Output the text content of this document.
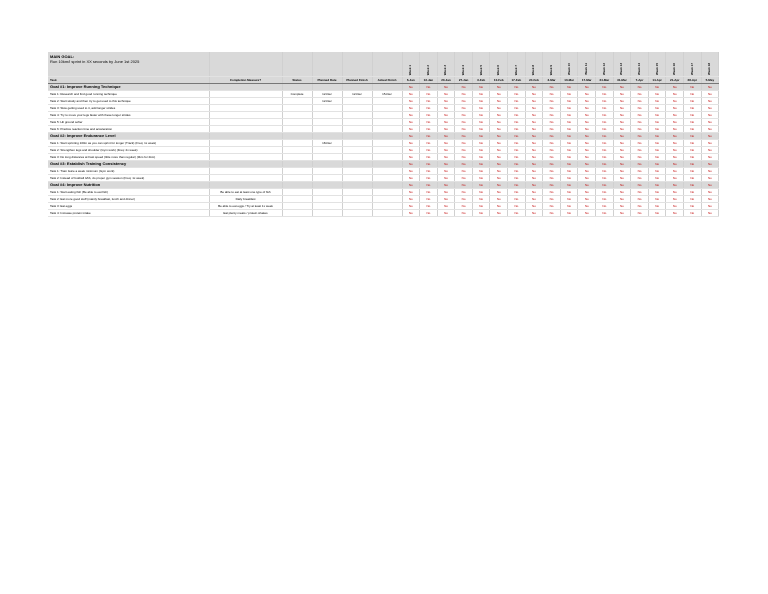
MAIN GOAL:
Run 10km/l sprint in XX seconds by June 1st 2025						Week 1	Week 2	Week 3	Week 4	Week 5	Week 6	Week 7	Week 8	Week 9	Week 10	Week 11	Week 12	Week 13	Week 14	Week 15	Week 16	Week 17	Week 18
Task	Completion Measure?	Status	Planned Date	Planned Finish	Actual Finish	6-Jan	13-Jan	20-Jan	27-Jan	3-Feb	10-Feb	17-Feb	24-Feb	3-Mar	10-Mar	17-Mar	24-Mar	31-Mar	7-Apr	14-Apr	21-Apr	28-Apr	5-May
Goal #1: Improve Running Technique						No	No	No	No	No	No	No	No	No	No	No	No	No	No	No	No	No	No
Task 1: Research and find good running technique		Complete	12-Dec	12-Dec	15-Dec	No	No	No	No	No	No	No	No	No	No	No	No	No	No	No	No	No	No
Task 2: Start slowly and then try to get used to this technique			12-Dec			No	No	No	No	No	No	No	No	No	No	No	No	No	No	No	No	No	No
Task 3: Slow getting used to it, add longer strides						No	No	No	No	No	No	No	No	No	No	No	No	No	No	No	No	No	No
Task 4: Try to move your legs faster with these longer strides						No	No	No	No	No	No	No	No	No	No	No	No	No	No	No	No	No	No
Task 5: Hit ground softer						No	No	No	No	No	No	No	No	No	No	No	No	No	No	No	No	No	No
Task 6: Practice reaction time and acceleration						No	No	No	No	No	No	No	No	No	No	No	No	No	No	No	No	No	No
Goal #2: Improve Endurance Level						No	No	No	No	No	No	No	No	No	No	No	No	No	No	No	No	No	No
Task 1: Start sprinting 100m as you can sprint for longer (Track) (Freq: 1x week)			18-Dec			No	No	No	No	No	No	No	No	No	No	No	No	No	No	No	No	No	No
Task 2: Strengthen legs and shoulder (Gym work) (Freq: 2x week)						No	No	No	No	No	No	No	No	No	No	No	No	No	No	No	No	No	No
Task 3: Do long distances at Fast speed (little more than regular) (3km for 2km)						No	No	No	No	No	No	No	No	No	No	No	No	No	No	No	No	No	No
Goal #3: Establish Training Consistency						No	No	No	No	No	No	No	No	No	No	No	No	No	No	No	No	No	No
Task 1: Train twice a week minimum (Gym work)						No	No	No	No	No	No	No	No	No	No	No	No	No	No	No	No	No	No
Task 2: Instead of football 4AS, do proper gym session (Freq: 1x week)						No	No	No	No	No	No	No	No	No	No	No	No	No	No	No	No	No	No
Goal #4: Improve Nutrition						No	No	No	No	No	No	No	No	No	No	No	No	No	No	No	No	No	No
Task 1: Start eating fish (Be able to eat fish)	Be able to eat at least one type of fish					No	No	No	No	No	No	No	No	No	No	No	No	No	No	No	No	No	No
Task 2: Eat more good stuff (mainly breakfast, lunch and dinner)	Daily breakfast					No	No	No	No	No	No	No	No	No	No	No	No	No	No	No	No	No	No
Task 3: Eat eggs	Be able to eat eggs / Try at least 1x week					No	No	No	No	No	No	No	No	No	No	No	No	No	No	No	No	No	No
Task 4: Increase protein intake	Eat plenty meats / protein shakes					No	No	No	No	No	No	No	No	No	No	No	No	No	No	No	No	No	No
